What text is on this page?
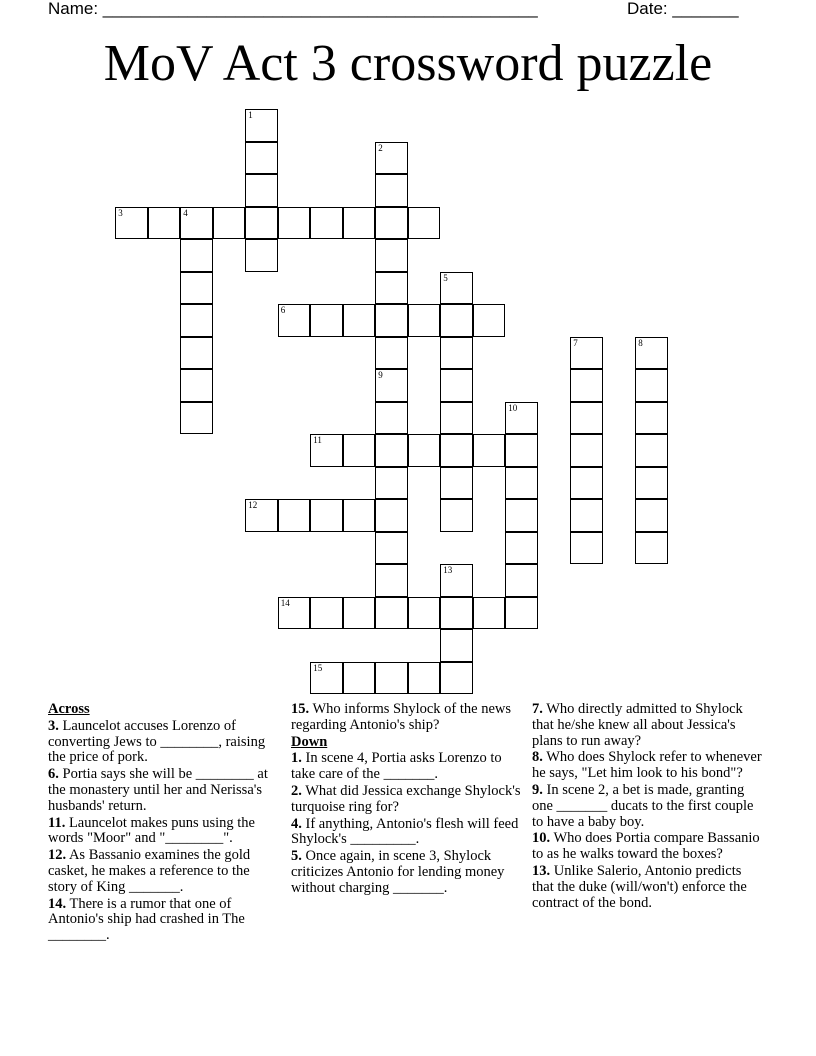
Name: ______________________________________________	Date: _______
MoV Act 3 crossword puzzle
1
2
3	4
5
6
7	8
9
10
11
12
13
14
15
Across
3. Launcelot accuses Lorenzo of converting Jews to ________, raising the price of pork.
6. Portia says she will be ________ at the monastery until her and Nerissa's husbands' return.
11. Launcelot makes puns using the words "Moor" and "________".
12. As Bassanio examines the gold casket, he makes a reference to the story of King _______.
14. There is a rumor that one of Antonio's ship had crashed in The ________.
15. Who informs Shylock of the news regarding Antonio's ship?
Down
1. In scene 4, Portia asks Lorenzo to take care of the _______.
2. What did Jessica exchange Shylock's turquoise ring for?
4. If anything, Antonio's flesh will feed Shylock's _________.
5. Once again, in scene 3, Shylock criticizes Antonio for lending money without charging _______.
7. Who directly admitted to Shylock that he/she knew all about Jessica's plans to run away?
8. Who does Shylock refer to whenever he says, "Let him look to his bond"?
9. In scene 2, a bet is made, granting one _______ ducats to the first couple to have a baby boy.
10. Who does Portia compare Bassanio to as he walks toward the boxes?
13. Unlike Salerio, Antonio predicts that the duke (will/won't) enforce the contract of the bond.
